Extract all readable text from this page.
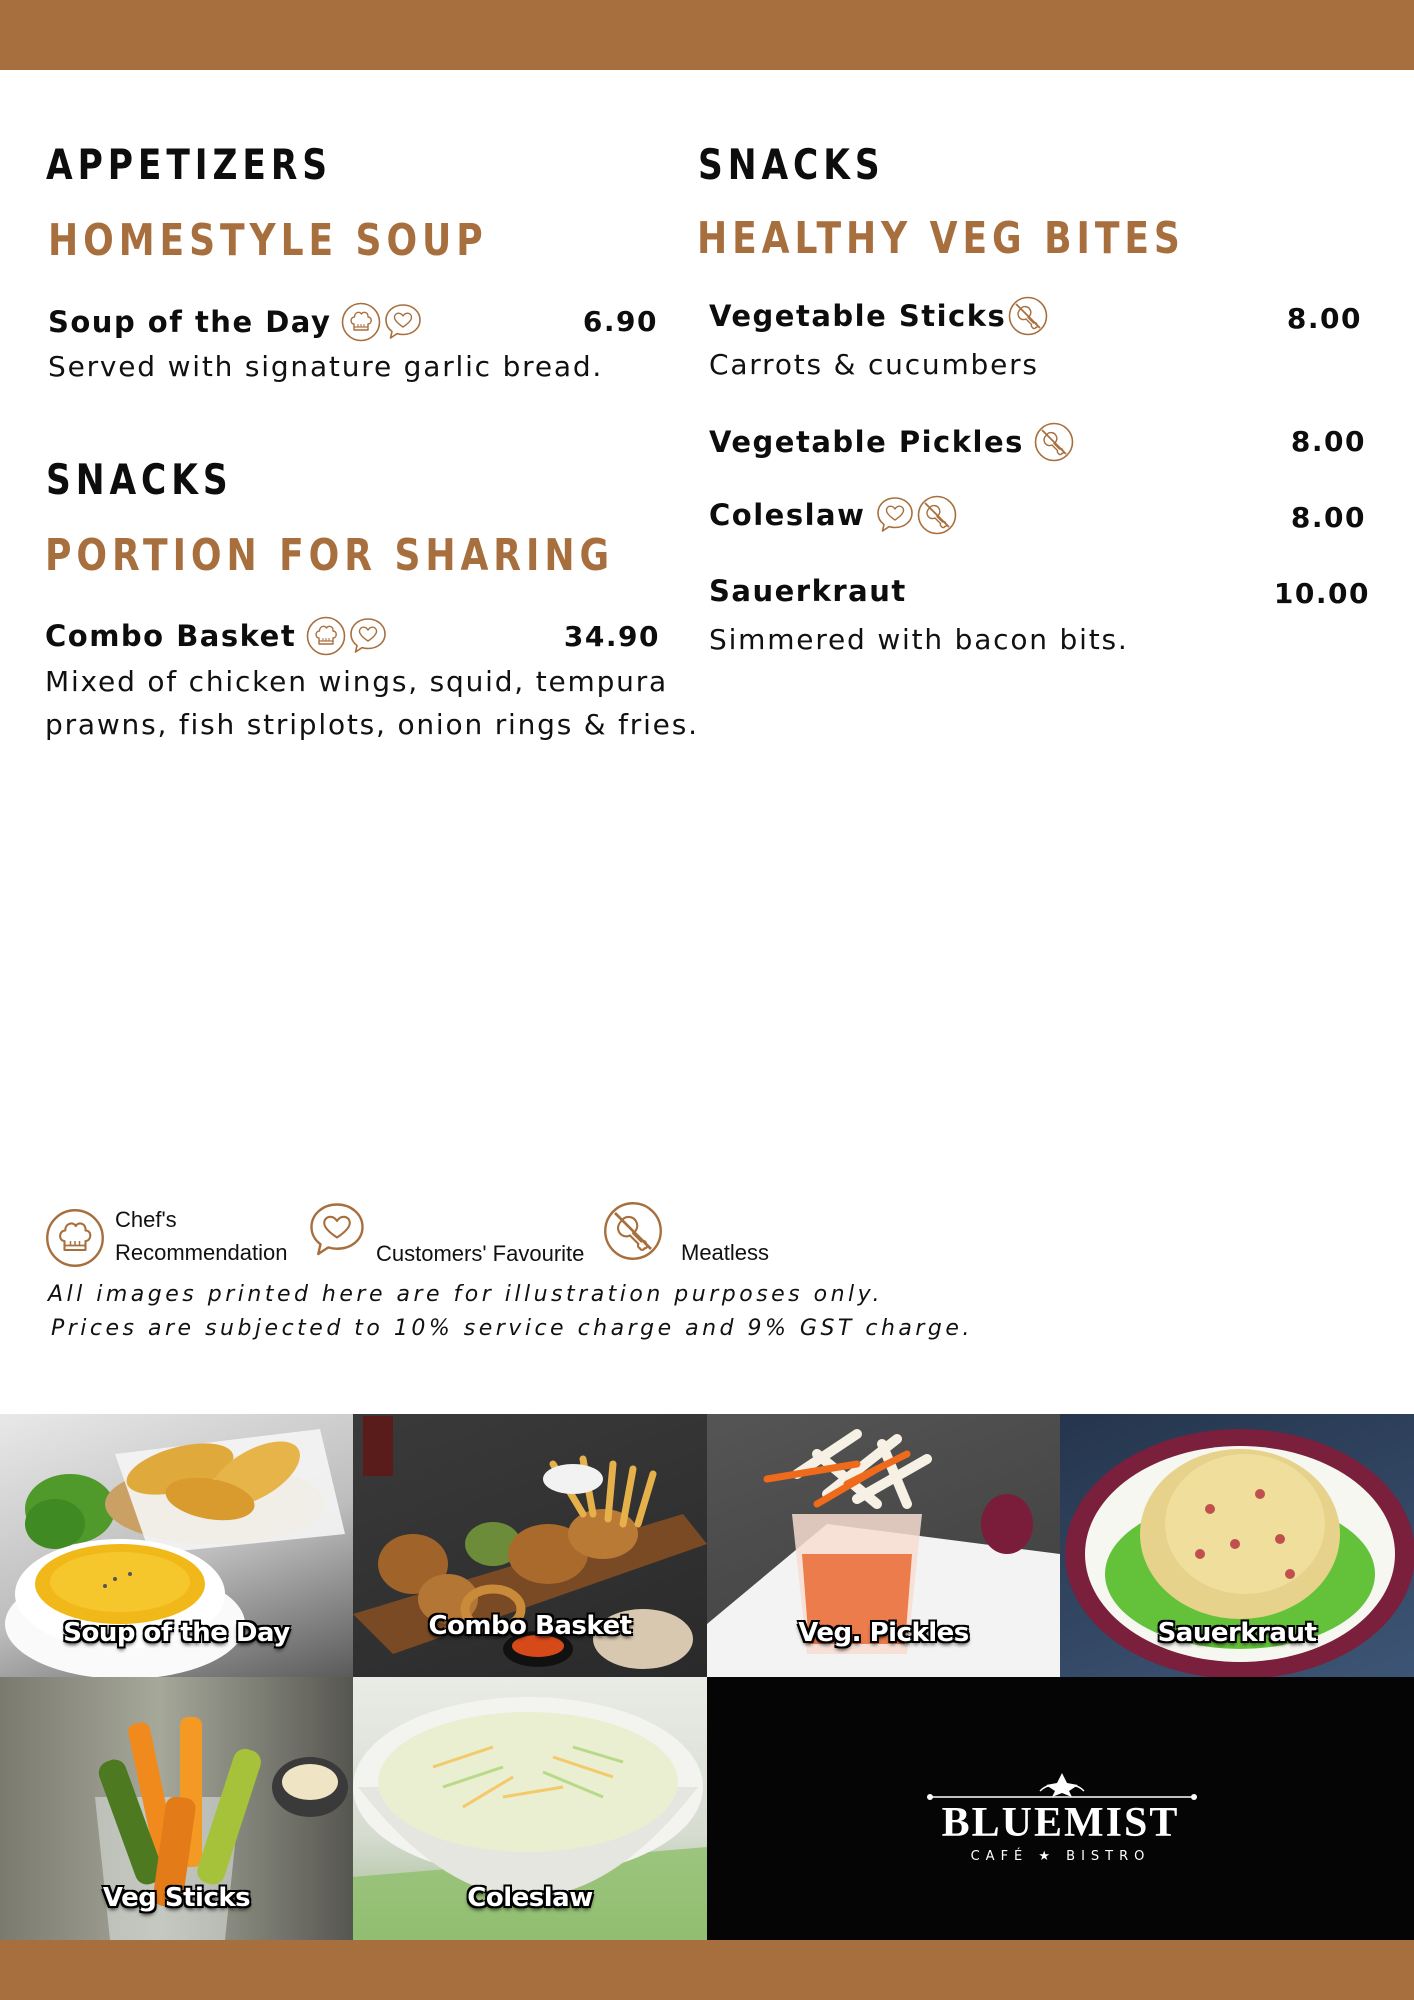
APPETIZERS
HOMESTYLE SOUP
Soup of the Day	6.90
Served with signature garlic bread.
SNACKS
PORTION FOR SHARING
Combo Basket	34.90
Mixed of chicken wings, squid, tempura
prawns, fish striplots, onion rings & fries.
SNACKS
HEALTHY VEG BITES
Vegetable Sticks	8.00
Carrots & cucumbers
Vegetable Pickles	8.00
Coleslaw	8.00
Sauerkraut	10.00
Simmered with bacon bits.
Chef's
Recommendation	Customers' Favourite	Meatless
All images printed here are for illustration purposes only.
Prices are subjected to 10% service charge and 9% GST charge.
Soup of the Day	Combo Basket	Veg. Pickles	Sauerkraut
Veg Sticks	Coleslaw
BLUEMIST
CAFÉ ★ BISTRO
